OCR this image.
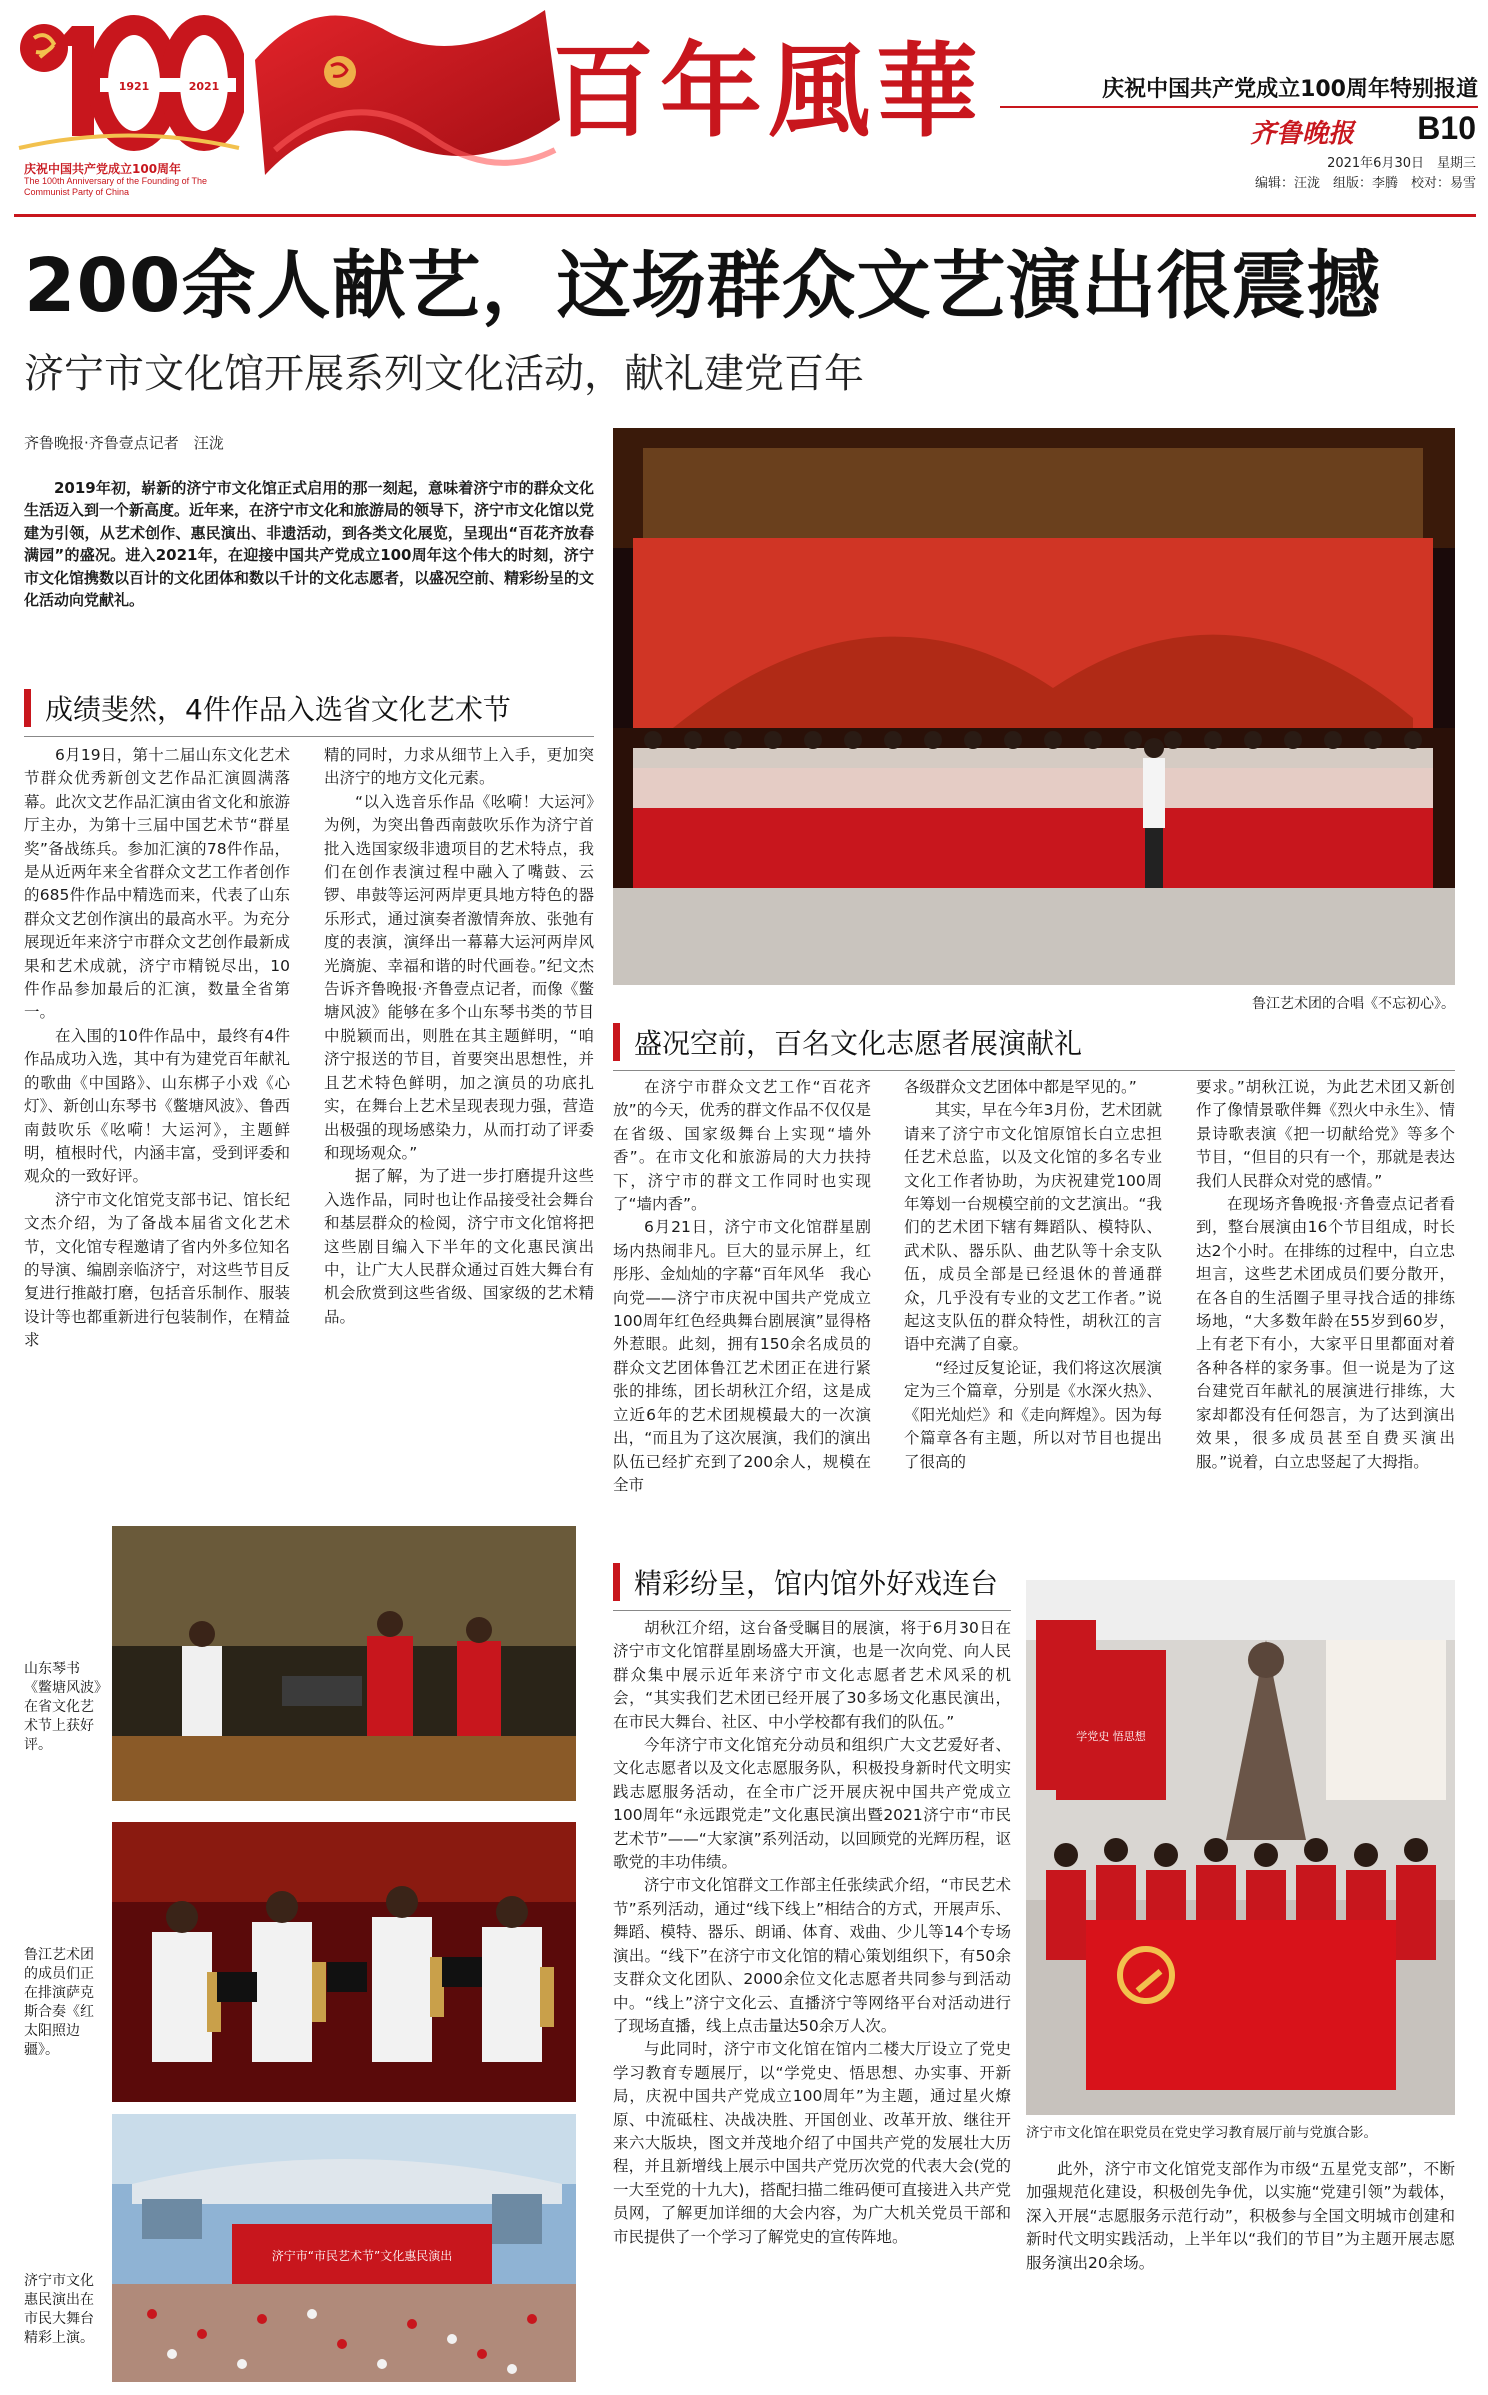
1921	2021
庆祝中国共产党成立100周年
The 100th Anniversary of the Founding of The Communist Party of China
百年風華	庆祝中国共产党成立100周年特别报道
齐鲁晚报 B10
2021年6月30日　星期三
编辑：汪泷　组版：李腾　校对：易雪
200余人献艺，这场群众文艺演出很震撼
济宁市文化馆开展系列文化活动，献礼建党百年
齐鲁晚报·齐鲁壹点记者　汪泷
2019年初，崭新的济宁市文化馆正式启用的那一刻起，意味着济宁市的群众文化生活迈入到一个新高度。近年来，在济宁市文化和旅游局的领导下，济宁市文化馆以党建为引领，从艺术创作、惠民演出、非遗活动，到各类文化展览，呈现出“百花齐放春满园”的盛况。进入2021年，在迎接中国共产党成立100周年这个伟大的时刻，济宁市文化馆携数以百计的文化团体和数以千计的文化志愿者，以盛况空前、精彩纷呈的文化活动向党献礼。
鲁江艺术团的合唱《不忘初心》。
成绩斐然，4件作品入选省文化艺术节
6月19日，第十二届山东文化艺术节群众优秀新创文艺作品汇演圆满落幕。此次文艺作品汇演由省文化和旅游厅主办，为第十三届中国艺术节“群星奖”备战练兵。参加汇演的78件作品，是从近两年来全省群众文艺工作者创作的685件作品中精选而来，代表了山东群众文艺创作演出的最高水平。为充分展现近年来济宁市群众文艺创作最新成果和艺术成就，济宁市精锐尽出，10件作品参加最后的汇演，数量全省第一。
在入围的10件作品中，最终有4件作品成功入选，其中有为建党百年献礼的歌曲《中国路》、山东梆子小戏《心灯》、新创山东琴书《鳖塘风波》、鲁西南鼓吹乐《吆嗬！大运河》，主题鲜明，植根时代，内涵丰富，受到评委和观众的一致好评。
济宁市文化馆党支部书记、馆长纪文杰介绍，为了备战本届省文化艺术节，文化馆专程邀请了省内外多位知名的导演、编剧亲临济宁，对这些节目反复进行推敲打磨，包括音乐制作、服装设计等也都重新进行包装制作，在精益求
精的同时，力求从细节上入手，更加突出济宁的地方文化元素。
“以入选音乐作品《吆嗬！大运河》为例，为突出鲁西南鼓吹乐作为济宁首批入选国家级非遗项目的艺术特点，我们在创作表演过程中融入了嘴鼓、云锣、串鼓等运河两岸更具地方特色的器乐形式，通过演奏者激情奔放、张弛有度的表演，演绎出一幕幕大运河两岸风光旖旎、幸福和谐的时代画卷。”纪文杰告诉齐鲁晚报·齐鲁壹点记者，而像《鳖塘风波》能够在多个山东琴书类的节目中脱颖而出，则胜在其主题鲜明，“咱济宁报送的节目，首要突出思想性，并且艺术特色鲜明，加之演员的功底扎实，在舞台上艺术呈现表现力强，营造出极强的现场感染力，从而打动了评委和现场观众。”
据了解，为了进一步打磨提升这些入选作品，同时也让作品接受社会舞台和基层群众的检阅，济宁市文化馆将把这些剧目编入下半年的文化惠民演出中，让广大人民群众通过百姓大舞台有机会欣赏到这些省级、国家级的艺术精品。
盛况空前，百名文化志愿者展演献礼
在济宁市群众文艺工作“百花齐放”的今天，优秀的群文作品不仅仅是在省级、国家级舞台上实现“墙外香”。在市文化和旅游局的大力扶持下，济宁市的群文工作同时也实现了“墙内香”。
6月21日，济宁市文化馆群星剧场内热闹非凡。巨大的显示屏上，红彤彤、金灿灿的字幕“百年风华　我心向党——济宁市庆祝中国共产党成立100周年红色经典舞台剧展演”显得格外惹眼。此刻，拥有150余名成员的群众文艺团体鲁江艺术团正在进行紧张的排练，团长胡秋江介绍，这是成立近6年的艺术团规模最大的一次演出，“而且为了这次展演，我们的演出队伍已经扩充到了200余人，规模在全市
各级群众文艺团体中都是罕见的。”
其实，早在今年3月份，艺术团就请来了济宁市文化馆原馆长白立忠担任艺术总监，以及文化馆的多名专业文化工作者协助，为庆祝建党100周年筹划一台规模空前的文艺演出。“我们的艺术团下辖有舞蹈队、模特队、武术队、器乐队、曲艺队等十余支队伍，成员全部是已经退休的普通群众，几乎没有专业的文艺工作者。”说起这支队伍的群众特性，胡秋江的言语中充满了自豪。
“经过反复论证，我们将这次展演定为三个篇章，分别是《水深火热》、《阳光灿烂》和《走向辉煌》。因为每个篇章各有主题，所以对节目也提出了很高的
要求。”胡秋江说，为此艺术团又新创作了像情景歌伴舞《烈火中永生》、情景诗歌表演《把一切献给党》等多个节目，“但目的只有一个，那就是表达我们人民群众对党的感情。”
在现场齐鲁晚报·齐鲁壹点记者看到，整台展演由16个节目组成，时长达2个小时。在排练的过程中，白立忠坦言，这些艺术团成员们要分散开，在各自的生活圈子里寻找合适的排练场地，“大多数年龄在55岁到60岁，上有老下有小，大家平日里都面对着各种各样的家务事。但一说是为了这台建党百年献礼的展演进行排练，大家却都没有任何怨言，为了达到演出效果，很多成员甚至自费买演出服。”说着，白立忠竖起了大拇指。
山东琴书《鳖塘风波》在省文化艺术节上获好评。
鲁江艺术团的成员们正在排演萨克斯合奏《红太阳照边疆》。
济宁市“市民艺术节”文化惠民演出
济宁市文化惠民演出在市民大舞台精彩上演。
精彩纷呈，馆内馆外好戏连台
胡秋江介绍，这台备受瞩目的展演，将于6月30日在济宁市文化馆群星剧场盛大开演，也是一次向党、向人民群众集中展示近年来济宁市文化志愿者艺术风采的机会，“其实我们艺术团已经开展了30多场文化惠民演出，在市民大舞台、社区、中小学校都有我们的队伍。”
今年济宁市文化馆充分动员和组织广大文艺爱好者、文化志愿者以及文化志愿服务队，积极投身新时代文明实践志愿服务活动，在全市广泛开展庆祝中国共产党成立100周年“永远跟党走”文化惠民演出暨2021济宁市“市民艺术节”——“大家演”系列活动，以回顾党的光辉历程，讴歌党的丰功伟绩。
济宁市文化馆群文工作部主任张续武介绍，“市民艺术节”系列活动，通过“线下线上”相结合的方式，开展声乐、舞蹈、模特、器乐、朗诵、体育、戏曲、少儿等14个专场演出。“线下”在济宁市文化馆的精心策划组织下，有50余支群众文化团队、2000余位文化志愿者共同参与到活动中。“线上”济宁文化云、直播济宁等网络平台对活动进行了现场直播，线上点击量达50余万人次。
与此同时，济宁市文化馆在馆内二楼大厅设立了党史学习教育专题展厅，以“学党史、悟思想、办实事、开新局，庆祝中国共产党成立100周年”为主题，通过星火燎原、中流砥柱、决战决胜、开国创业、改革开放、继往开来六大版块，图文并茂地介绍了中国共产党的发展壮大历程，并且新增线上展示中国共产党历次党的代表大会(党的一大至党的十九大)，搭配扫描二维码便可直接进入共产党员网，了解更加详细的大会内容，为广大机关党员干部和市民提供了一个学习了解党史的宣传阵地。
学党史 悟思想
济宁市文化馆在职党员在党史学习教育展厅前与党旗合影。
此外，济宁市文化馆党支部作为市级“五星党支部”，不断加强规范化建设，积极创先争优，以实施“党建引领”为载体，深入开展“志愿服务示范行动”，积极参与全国文明城市创建和新时代文明实践活动，上半年以“我们的节目”为主题开展志愿服务演出20余场。
